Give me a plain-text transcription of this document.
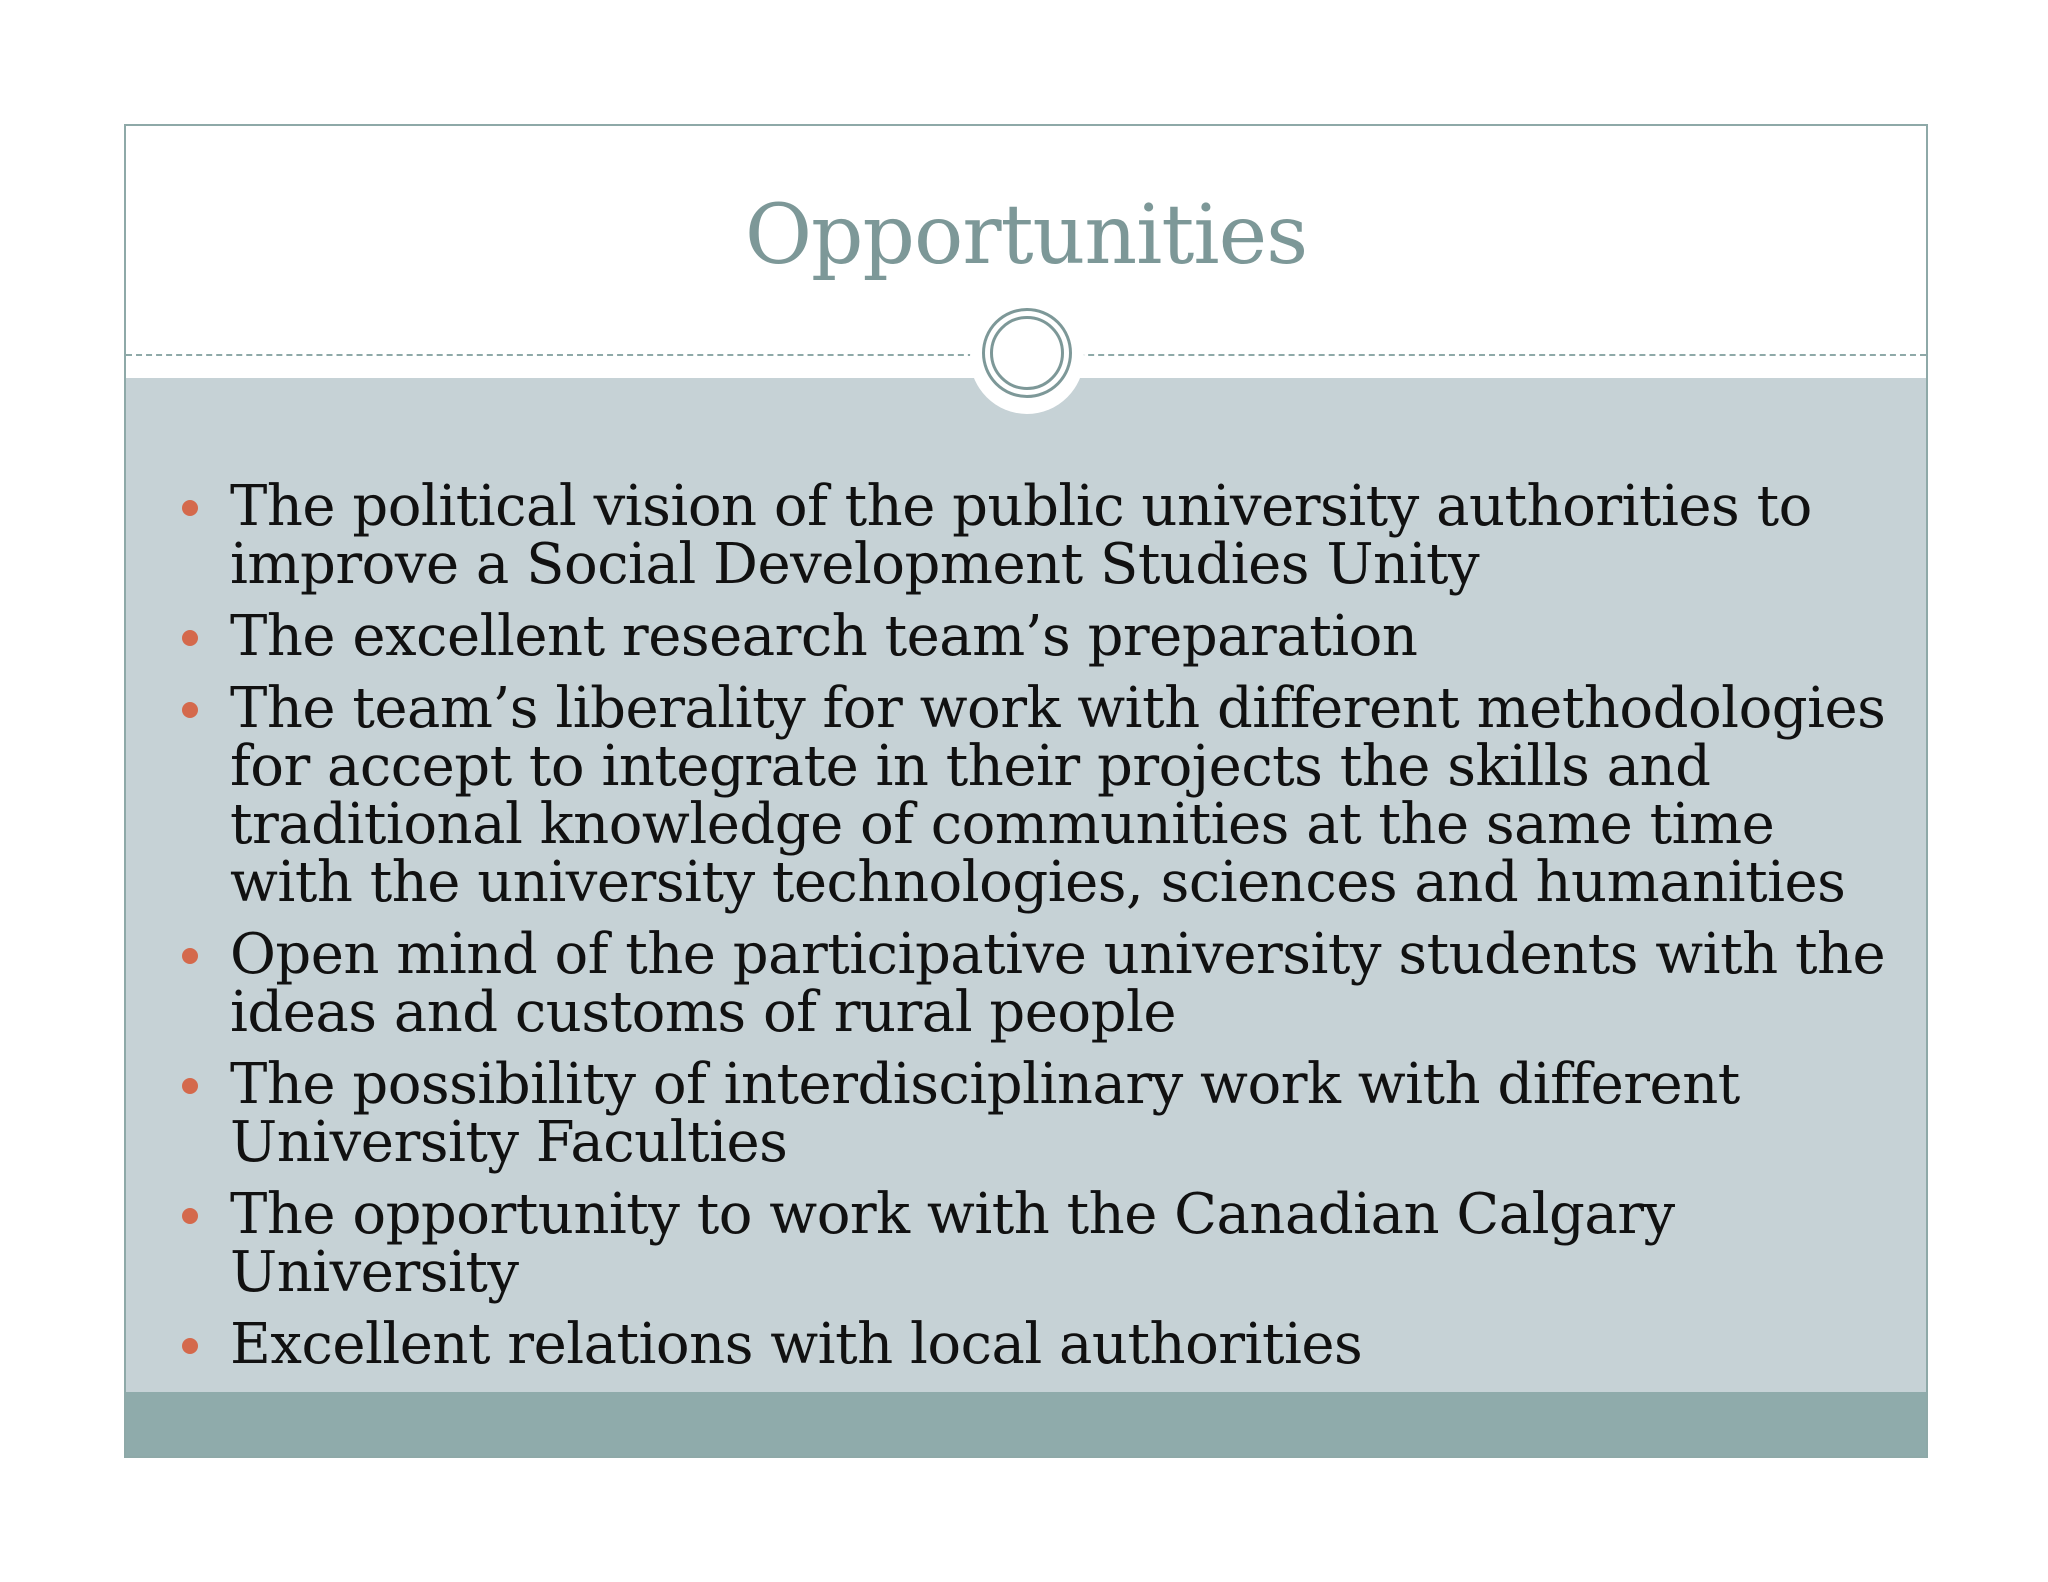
Opportunities
The political vision of the public university authorities to improve a Social Development Studies Unity
The excellent research team’s preparation
The team’s liberality for work with different methodologies for accept to integrate in their projects the skills and traditional knowledge of communities at the same time with the university technologies, sciences and humanities
Open mind of the participative university students with the ideas and customs of rural people
The possibility of interdisciplinary work with different University Faculties
The opportunity to work with the Canadian Calgary University
Excellent relations with local authorities
